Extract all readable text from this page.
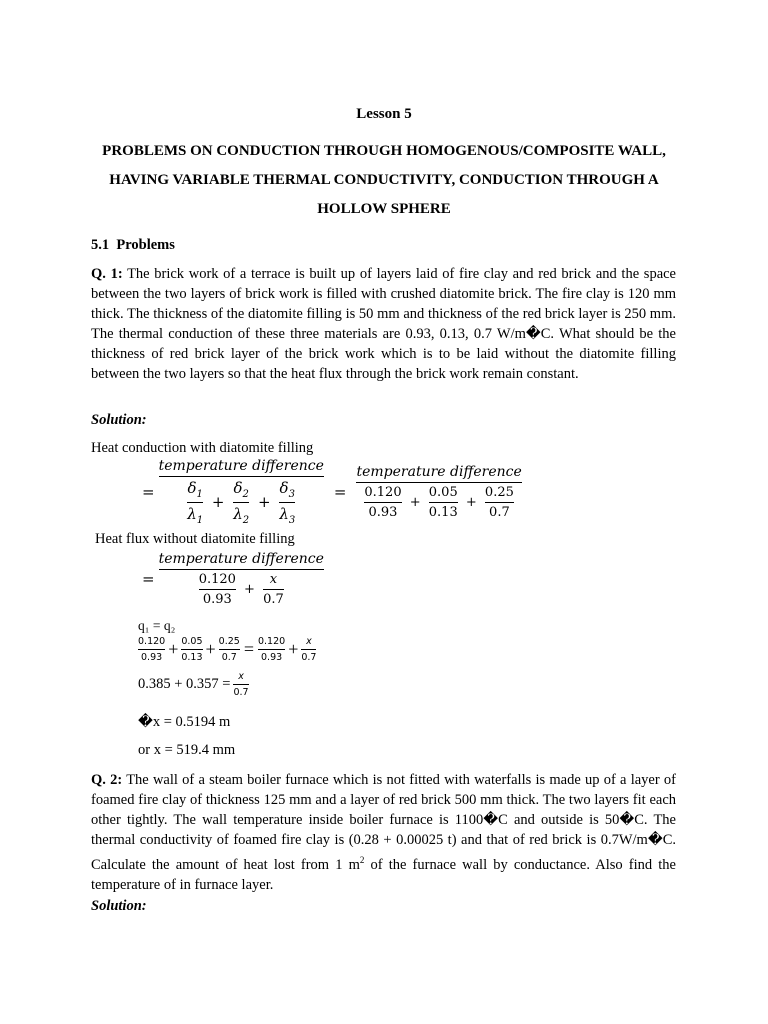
Lesson 5
PROBLEMS ON CONDUCTION THROUGH HOMOGENOUS/COMPOSITE WALL,
HAVING VARIABLE THERMAL CONDUCTIVITY, CONDUCTION THROUGH A
HOLLOW SPHERE
5.1 Problems
Q. 1: The brick work of a terrace is built up of layers laid of fire clay and red brick and the space between the two layers of brick work is filled with crushed diatomite brick. The fire clay is 120 mm thick. The thickness of the diatomite filling is 50 mm and thickness of the red brick layer is 250 mm. The thermal conduction of these three materials are 0.93, 0.13, 0.7 W/m�C. What should be the thickness of red brick layer of the brick work which is to be laid without the diatomite filling between the two layers so that the heat flux through the brick work remain constant.
Solution:
Heat conduction with diatomite filling
=
temperature difference
$\frac{\delta_1}{\lambda_1} + \frac{\delta_2}{\lambda_2} + \frac{\delta_3}{\lambda_3}$	=
temperature difference
$\frac{0.120}{0.93} + \frac{0.05}{0.13} + \frac{0.25}{0.7}$
Heat flux without diatomite filling
= $\frac{\text{temperature difference}}{\frac{0.120}{0.93} + \frac{x}{0.7}}$
q₁ = q₂
$\frac{0.120}{0.93} + \frac{0.05}{0.13} + \frac{0.25}{0.7} = \frac{0.120}{0.93} + \frac{x}{0.7}$
$0.385 + 0.357 = \frac{x}{0.7}$
�x = 0.5194 m
or x = 519.4 mm
Q. 2: The wall of a steam boiler furnace which is not fitted with waterfalls is made up of a layer of foamed fire clay of thickness 125 mm and a layer of red brick 500 mm thick. The two layers fit each other tightly. The wall temperature inside boiler furnace is 1100�C and outside is 50�C. The thermal conductivity of foamed fire clay is (0.28 + 0.00025 t) and that of red brick is 0.7W/m�C. Calculate the amount of heat lost from 1 $m^2$ of the furnace wall by conductance. Also find the temperature of in furnace layer.
Solution:
